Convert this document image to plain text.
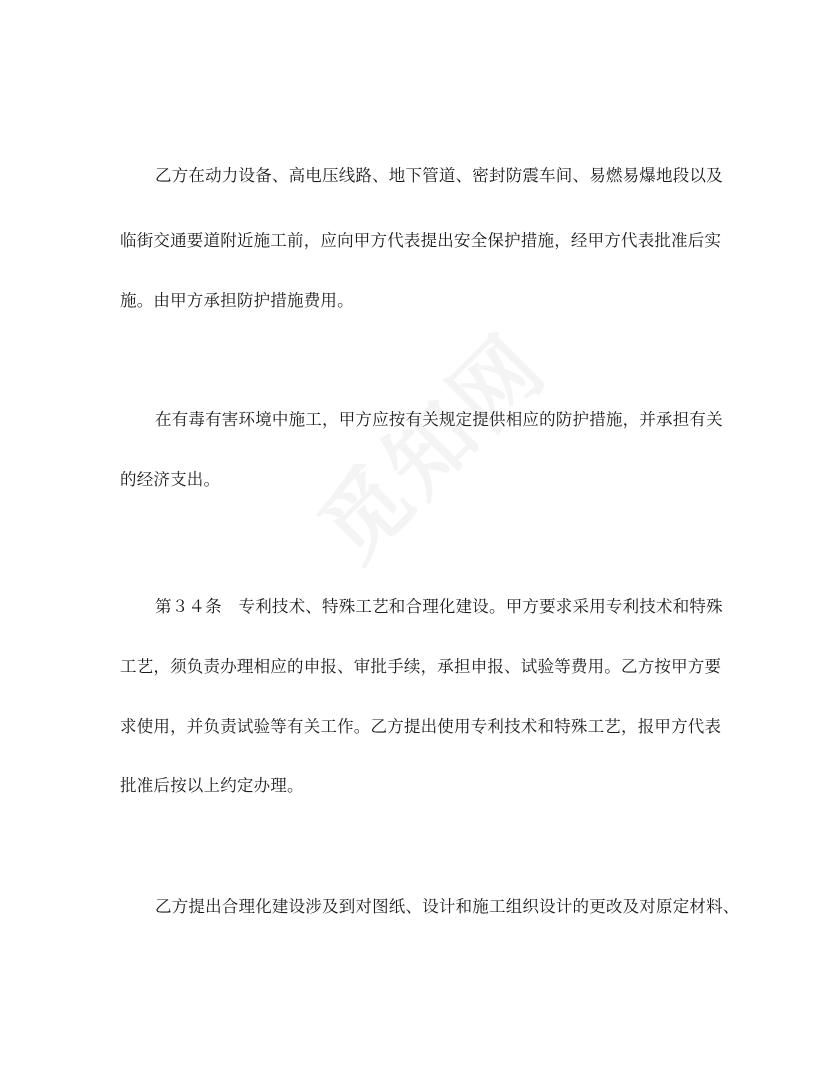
乙方在动力设备、高电压线路、地下管道、密封防震车间、易燃易爆地段以及
临街交通要道附近施工前，应向甲方代表提出安全保护措施，经甲方代表批准后实
施。由甲方承担防护措施费用。
在有毒有害环境中施工，甲方应按有关规定提供相应的防护措施，并承担有关
的经济支出。
第３４条　专利技术、特殊工艺和合理化建设。甲方要求采用专利技术和特殊
工艺，须负责办理相应的申报、审批手续，承担申报、试验等费用。乙方按甲方要
求使用，并负责试验等有关工作。乙方提出使用专利技术和特殊工艺，报甲方代表
批准后按以上约定办理。
乙方提出合理化建设涉及到对图纸、设计和施工组织设计的更改及对原定材料、
